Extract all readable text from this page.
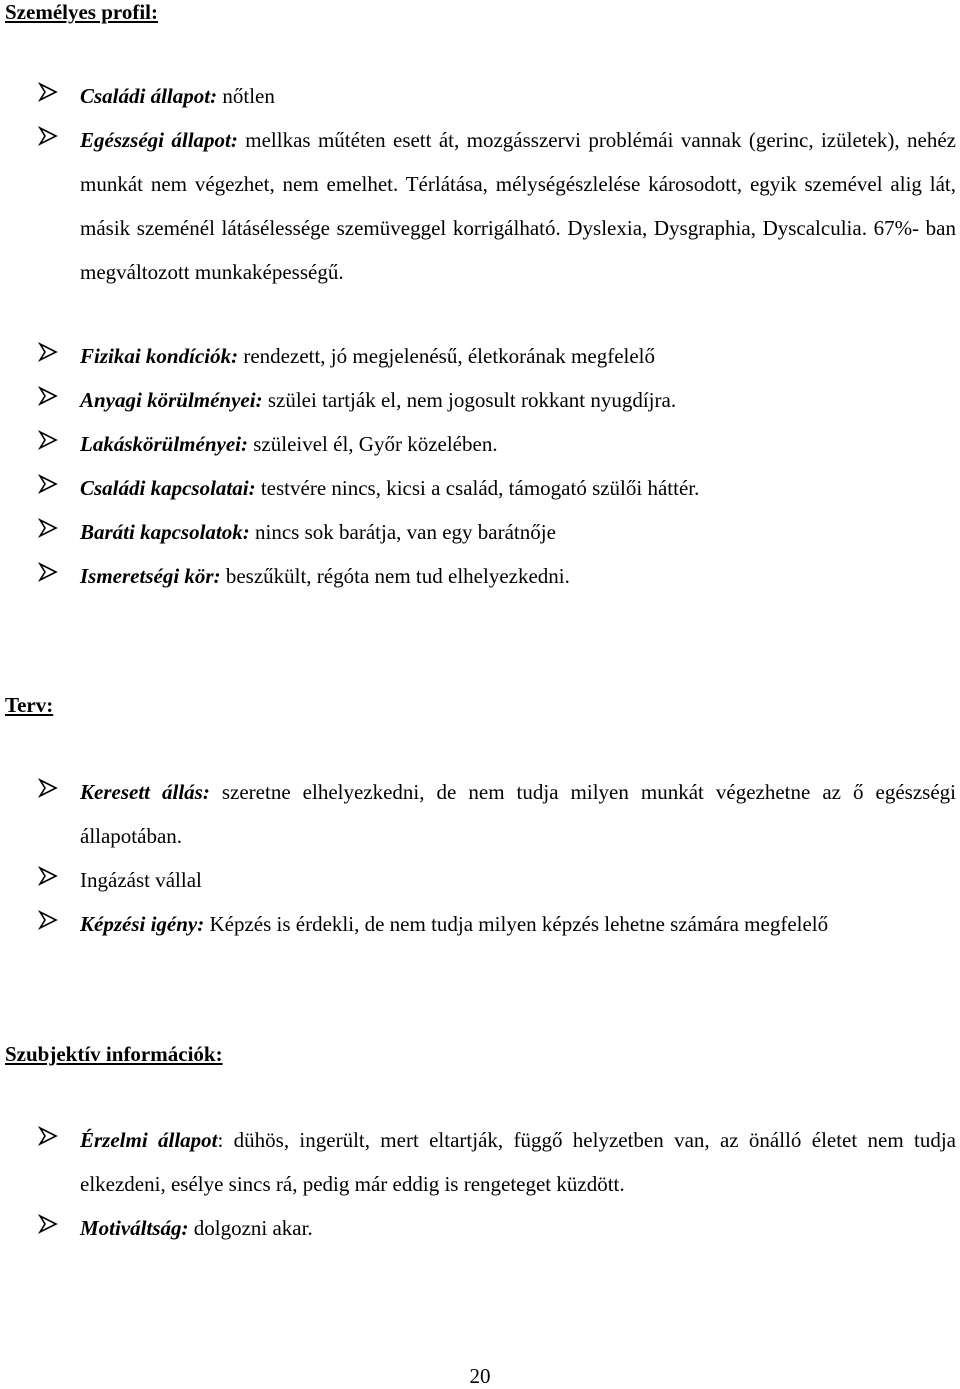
Személyes profil:
Családi állapot: nőtlen
Egészségi állapot: mellkas műtéten esett át, mozgásszervi problémái vannak (gerinc, izületek), nehéz munkát nem végezhet, nem emelhet. Térlátása, mélységészlelése károsodott, egyik szemével alig lát, másik szeménél látásélessége szemüveggel korrigálható. Dyslexia, Dysgraphia, Dyscalculia. 67%- ban megváltozott munkaképességű.
Fizikai kondíciók: rendezett, jó megjelenésű, életkorának megfelelő
Anyagi körülményei: szülei tartják el, nem jogosult rokkant nyugdíjra.
Lakáskörülményei: szüleivel él, Győr közelében.
Családi kapcsolatai: testvére nincs, kicsi a család, támogató szülői háttér.
Baráti kapcsolatok: nincs sok barátja, van egy barátnője
Ismeretségi kör: beszűkült, régóta nem tud elhelyezkedni.
Terv:
Keresett állás: szeretne elhelyezkedni, de nem tudja milyen munkát végezhetne az ő egészségi állapotában.
Ingázást vállal
Képzési igény: Képzés is érdekli, de nem tudja milyen képzés lehetne számára megfelelő
Szubjektív információk:
Érzelmi állapot: dühös, ingerült, mert eltartják, függő helyzetben van, az önálló életet nem tudja elkezdeni, esélye sincs rá, pedig már eddig is rengeteget küzdött.
Motiváltság: dolgozni akar.
20
